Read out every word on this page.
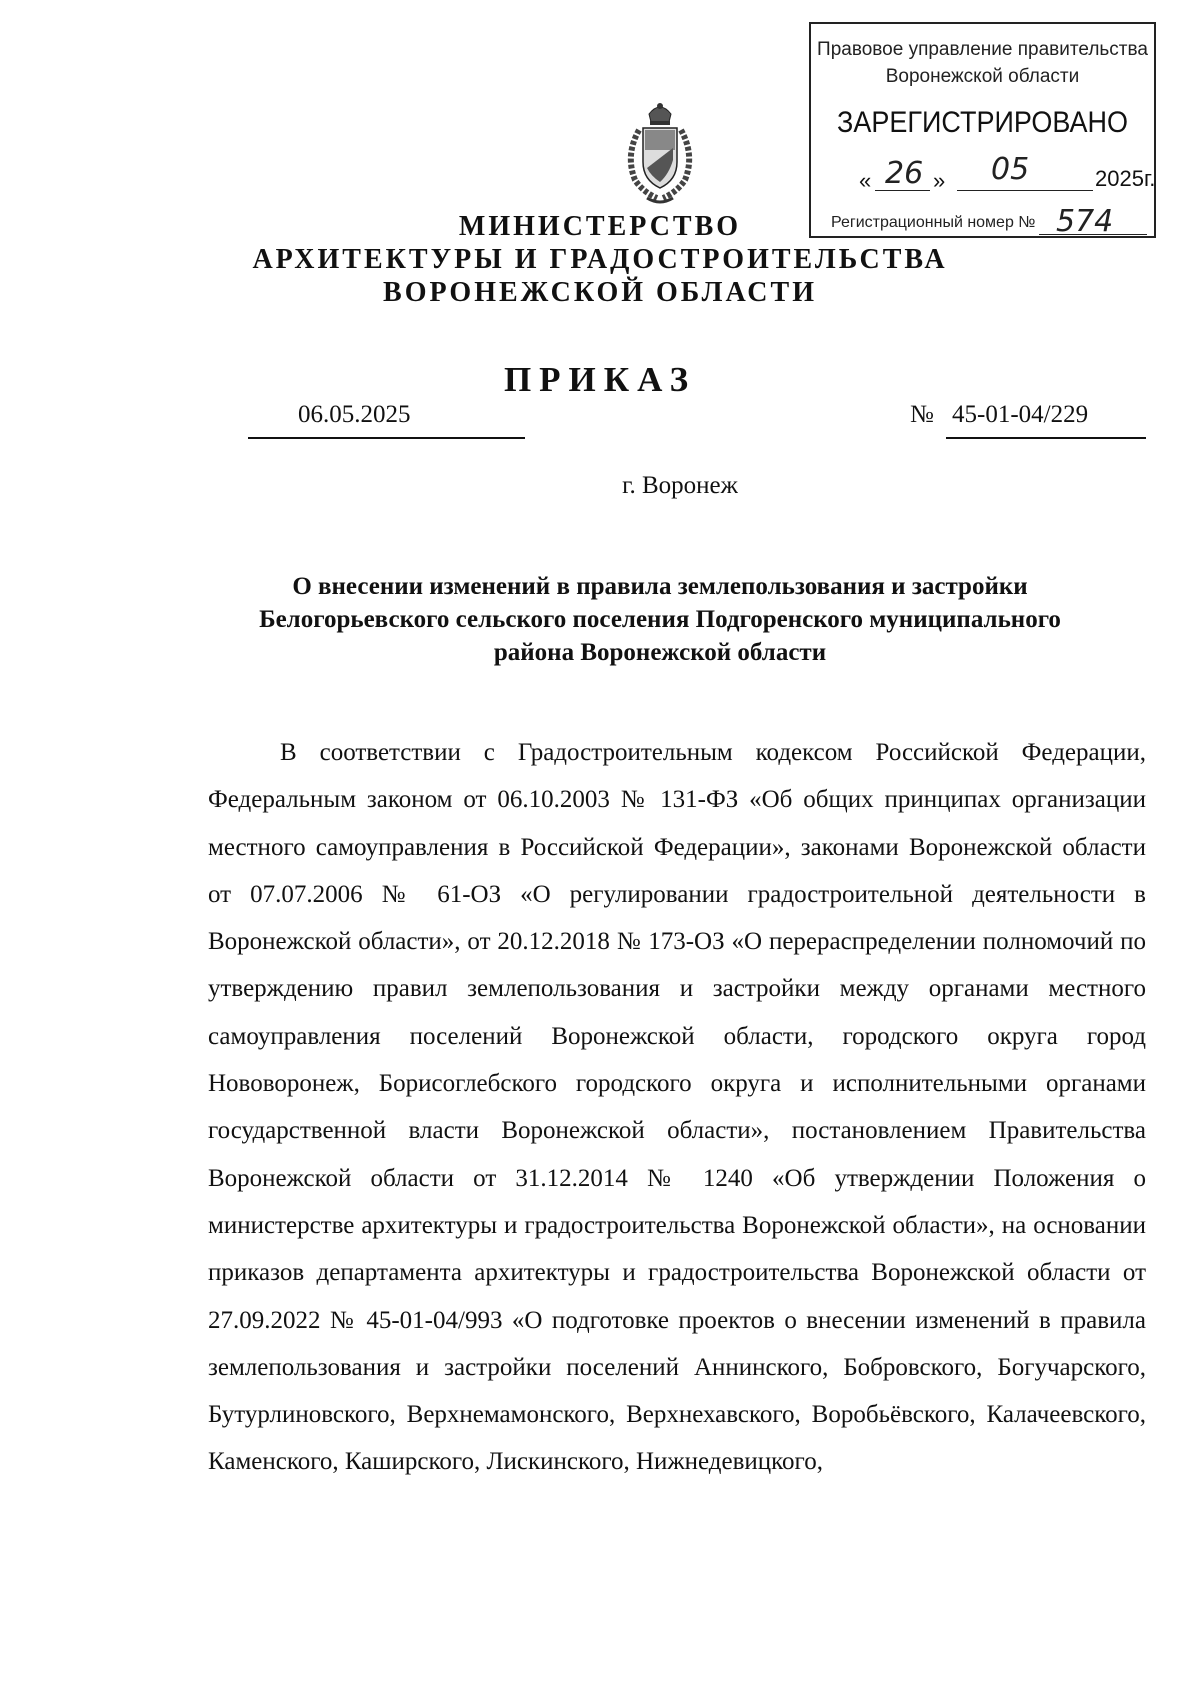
Правовое управление правительства
Воронежской области
ЗАРЕГИСТРИРОВАНО
« 26 » 05	2025г.
Регистрационный номер № 574
МИНИСТЕРСТВО
АРХИТЕКТУРЫ И ГРАДОСТРОИТЕЛЬСТВА
ВОРОНЕЖСКОЙ ОБЛАСТИ
ПРИКАЗ
06.05.2025	№ 45-01-04/229
г. Воронеж
О внесении изменений в правила землепользования и застройки
Белогорьевского сельского поселения Подгоренского муниципального
района Воронежской области

В соответствии с Градостроительным кодексом Российской Федерации, Федеральным законом от 06.10.2003 № 131-ФЗ «Об общих принципах организации местного самоуправления в Российской Федерации», законами Воронежской области от 07.07.2006 № 61-ОЗ «О регулировании градостроительной деятельности в Воронежской области», от 20.12.2018 № 173-ОЗ «О перераспределении полномочий по утверждению правил землепользования и застройки между органами местного самоуправления поселений Воронежской области, городского округа город Нововоронеж, Борисоглебского городского округа и исполнительными органами государственной власти Воронежской области», постановлением Правительства Воронежской области от 31.12.2014 № 1240 «Об утверждении Положения о министерстве архитектуры и градостроительства Воронежской области», на основании приказов департамента архитектуры и градостроительства Воронежской области от 27.09.2022 № 45-01-04/993 «О подготовке проектов о внесении изменений в правила землепользования и застройки поселений Аннинского, Бобровского, Богучарского, Бутурлиновского, Верхнемамонского, Верхнехавского, Воробьёвского, Калачеевского, Каменского, Каширского, Лискинского, Нижнедевицкого,
